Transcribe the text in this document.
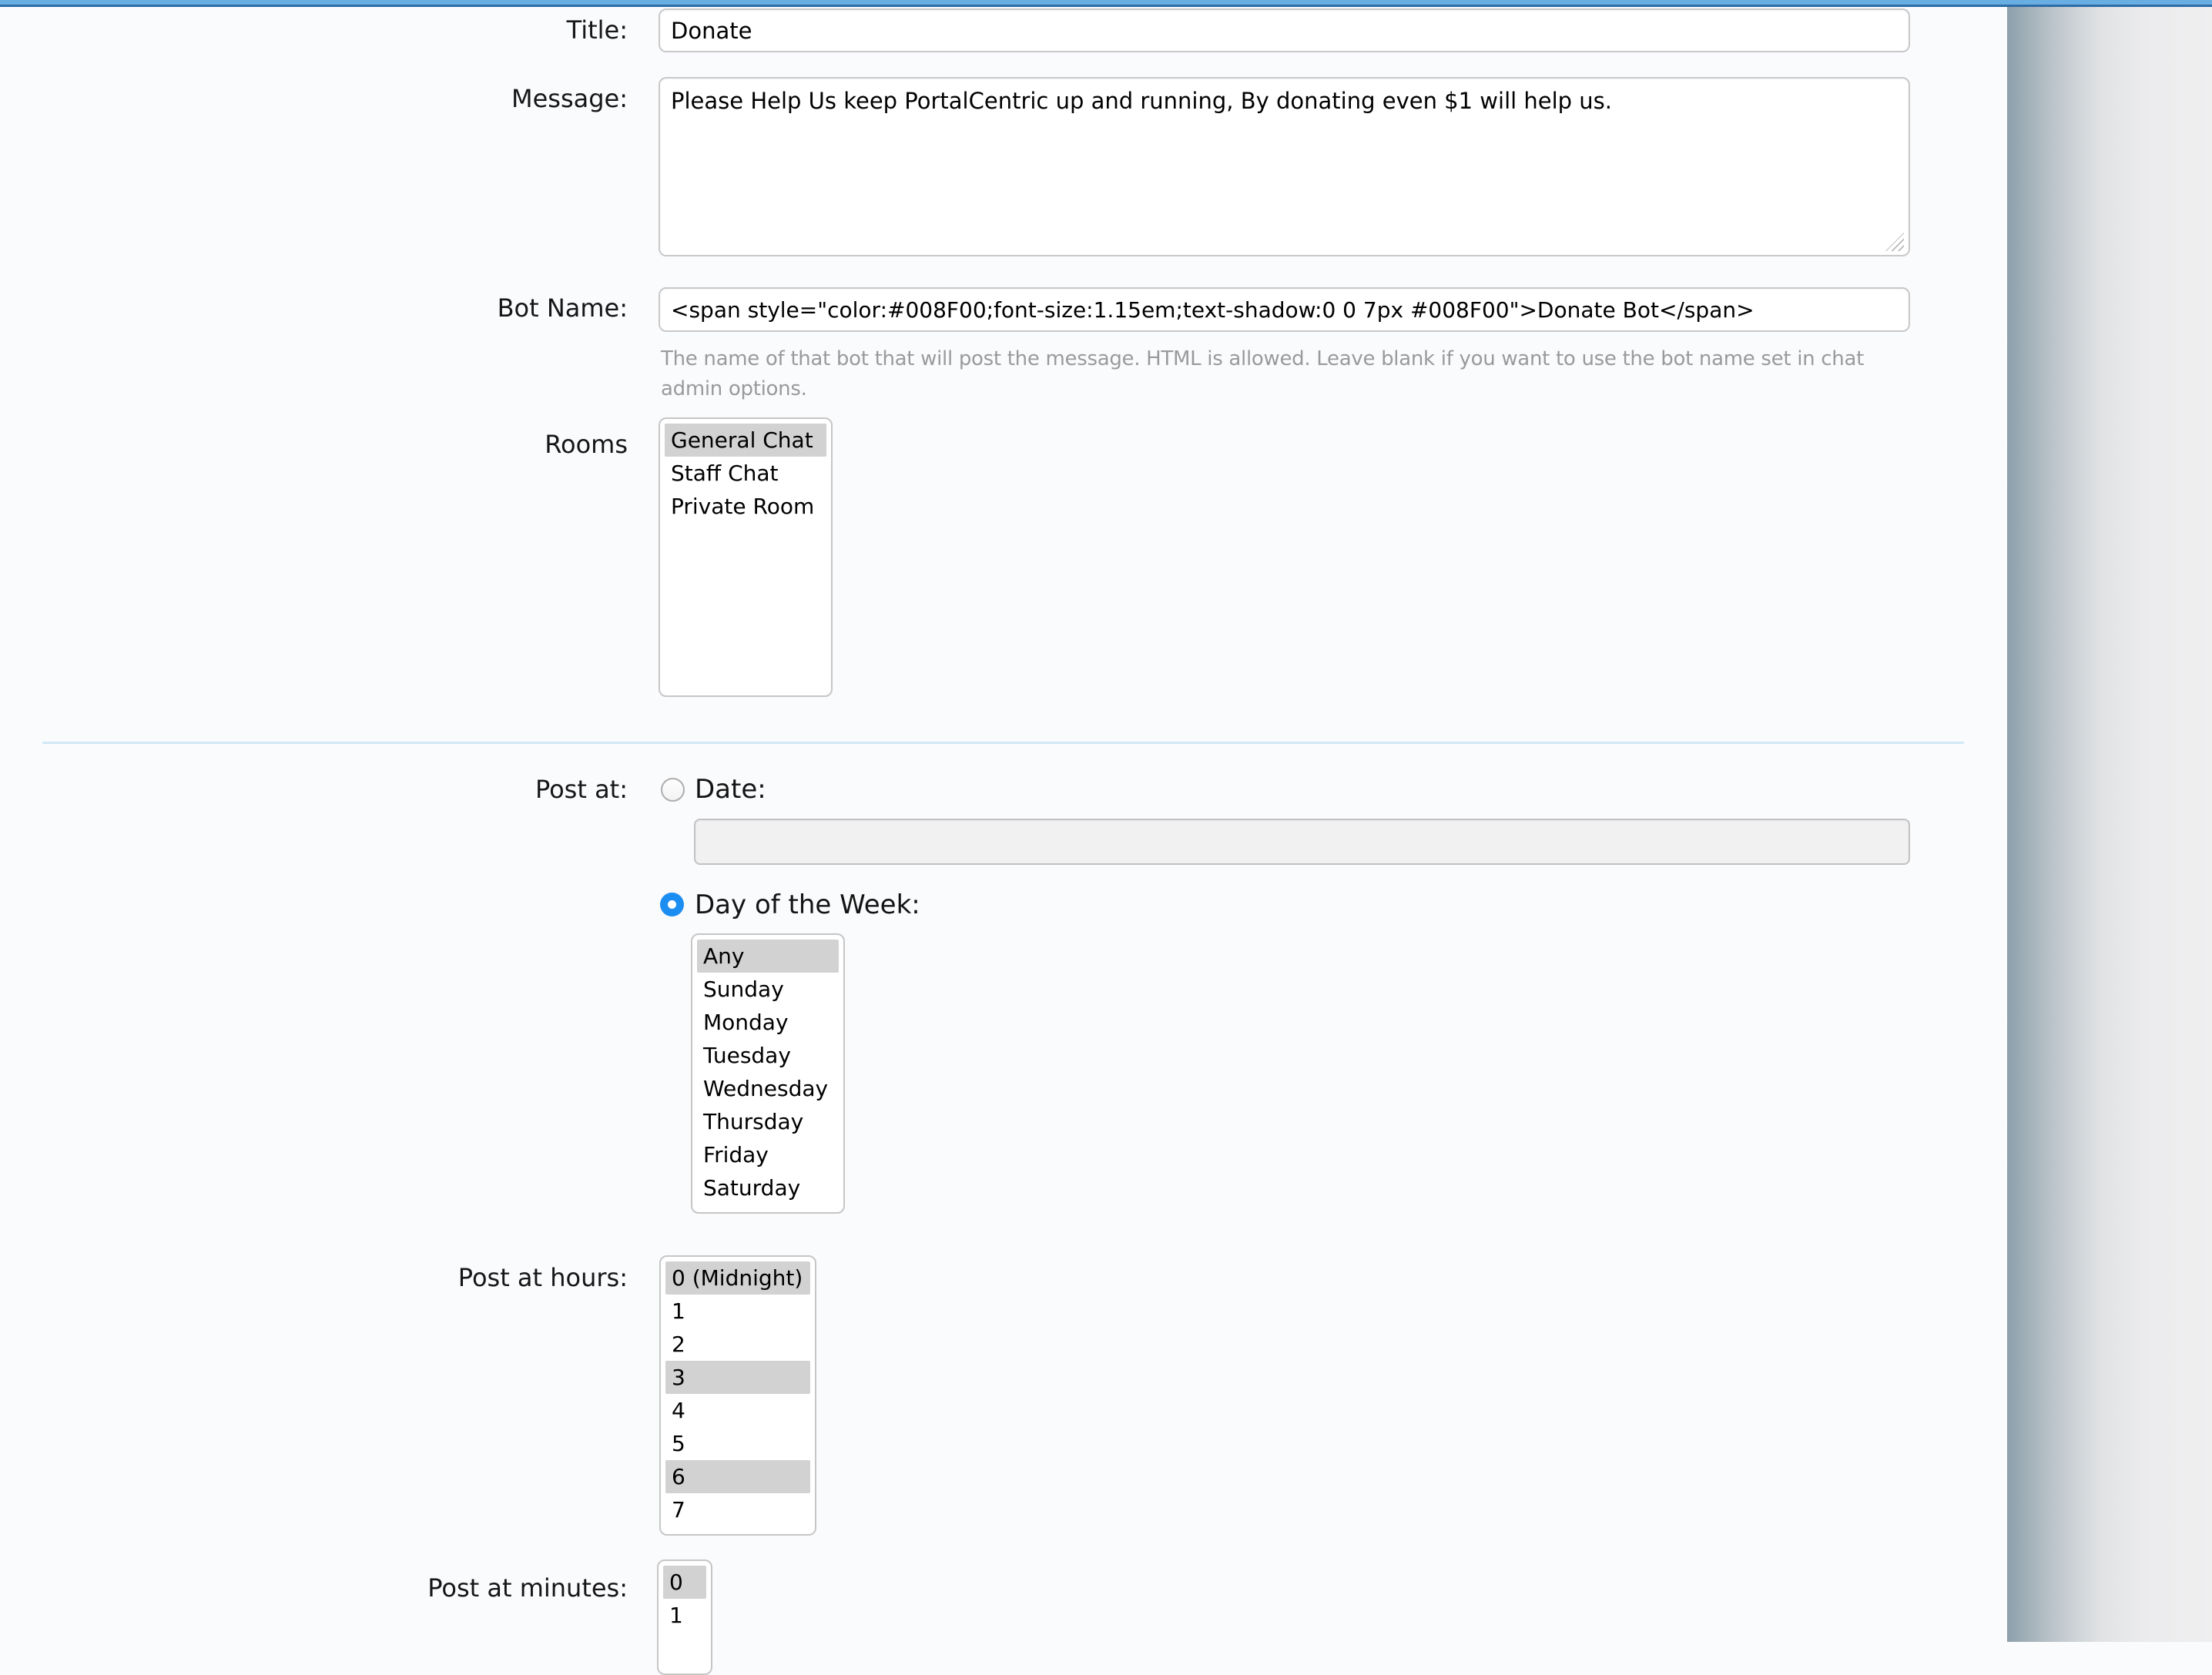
Title:
Donate
Message:
Please Help Us keep PortalCentric up and running, By donating even $1 will help us.
Bot Name:
<span style="color:#008F00;font-size:1.15em;text-shadow:0 0 7px #008F00">Donate Bot</span>
The name of that bot that will post the message. HTML is allowed. Leave blank if you want to use the bot name set in chat
admin options.
Rooms General Chat
Staff Chat
Private Room
Post at:	Date:
Day of the Week:
Any
Sunday
Monday
Tuesday
Wednesday
Thursday
Friday
Saturday
Post at hours: 0 (Midnight)
1
2
3
4
5
6
7
Post at minutes: 0
1
